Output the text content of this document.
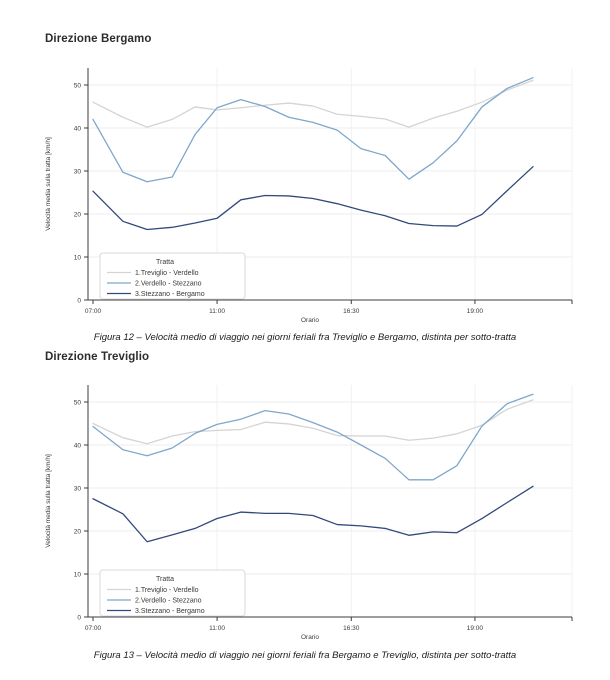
Direzione Bergamo
0
10
20
30
40
50
07:00	11:00	16:30	19:00
Velocità media sulla tratta [km/h]
Orario
Tratta
1.Treviglio - Verdello
2.Verdello - Stezzano
3.Stezzano - Bergamo
Figura 12 – Velocità medio di viaggio nei giorni feriali fra Treviglio e Bergamo, distinta per sotto-tratta
Direzione Treviglio
0
10
20
30
40
50
07:00	11:00	16:30	19:00
Velocità media sulla tratta [km/h]
Orario
Tratta
1.Treviglio - Verdello
2.Verdello - Stezzano
3.Stezzano - Bergamo
Figura 13 – Velocità medio di viaggio nei giorni feriali fra Bergamo e Treviglio, distinta per sotto-tratta
